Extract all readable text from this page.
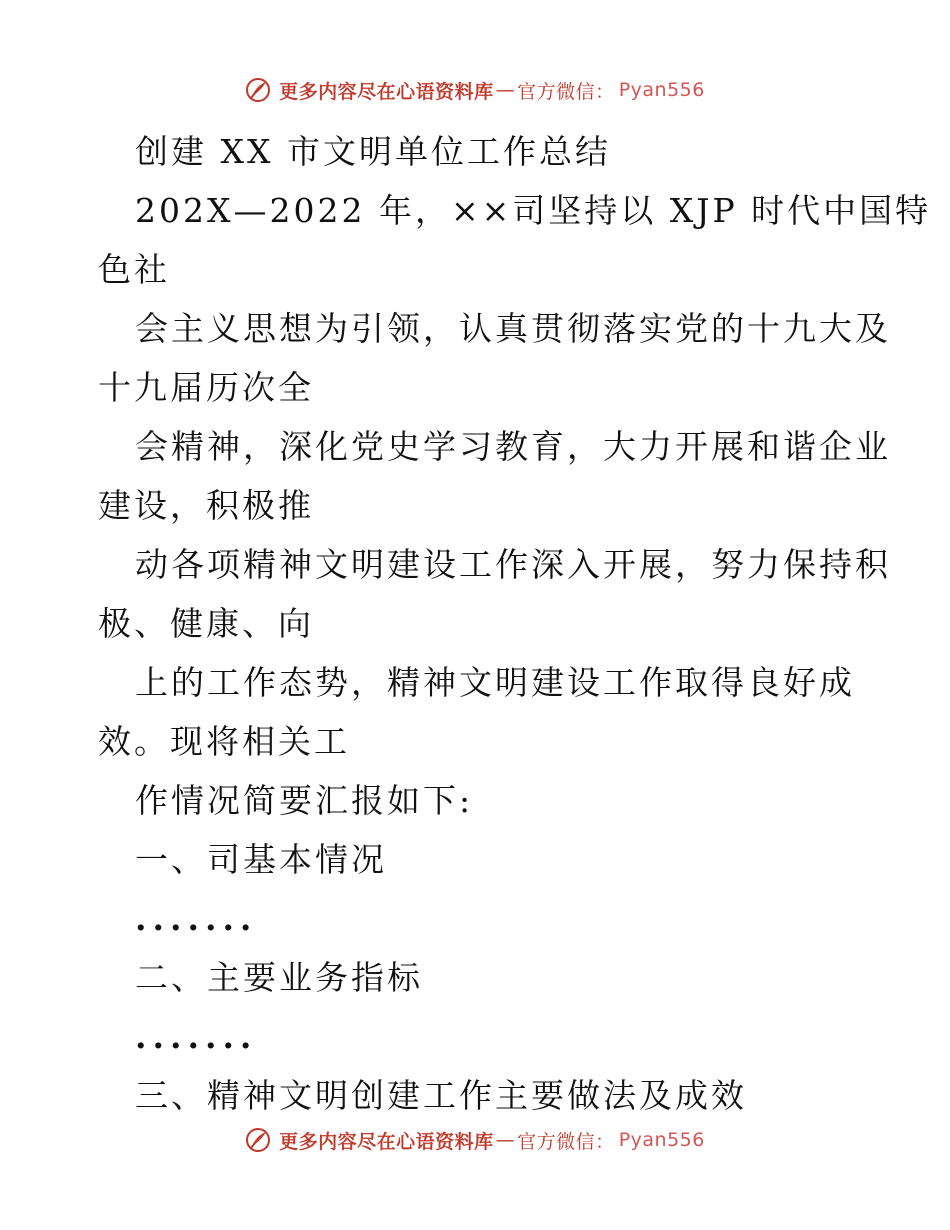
更多内容尽在心语资料库 — 官方微信： Pyan556
创建 XX 市文明单位工作总结
202X—2022 年，××司坚持以 XJP 时代中国特
色社
会主义思想为引领，认真贯彻落实党的十九大及
十九届历次全
会精神，深化党史学习教育，大力开展和谐企业
建设，积极推
动各项精神文明建设工作深入开展，努力保持积
极、健康、向
上的工作态势，精神文明建设工作取得良好成
效。现将相关工
作情况简要汇报如下:
一、司基本情况
.......
二、主要业务指标
.......
三、精神文明创建工作主要做法及成效
更多内容尽在心语资料库 — 官方微信： Pyan556
